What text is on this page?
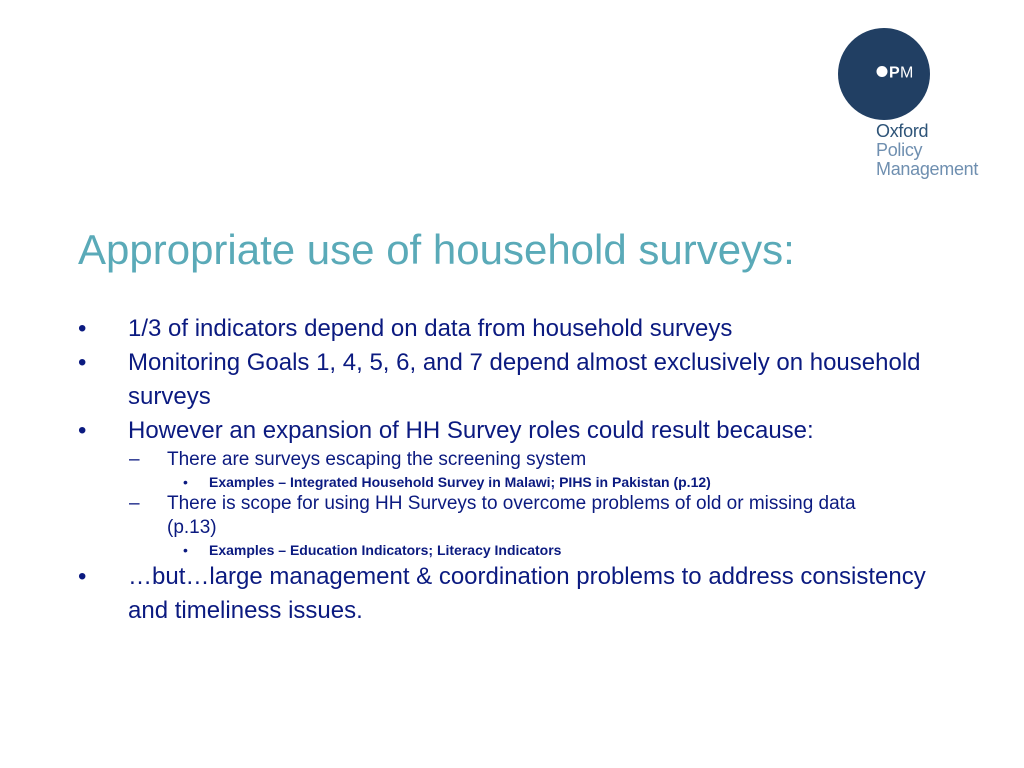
P M
Oxford
Policy
Management
Appropriate use of household surveys:
• 1/3 of indicators depend on data from household surveys
• Monitoring Goals 1, 4, 5, 6, and 7 depend almost exclusively on household surveys
• However an expansion of HH Survey roles could result because:
– There are surveys escaping the screening system
• Examples – Integrated Household Survey in Malawi; PIHS in Pakistan (p.12)
– There is scope for using HH Surveys to overcome problems of old or missing data (p.13)
• Examples – Education Indicators; Literacy Indicators
• …but…large management & coordination problems to address consistency and timeliness issues.
